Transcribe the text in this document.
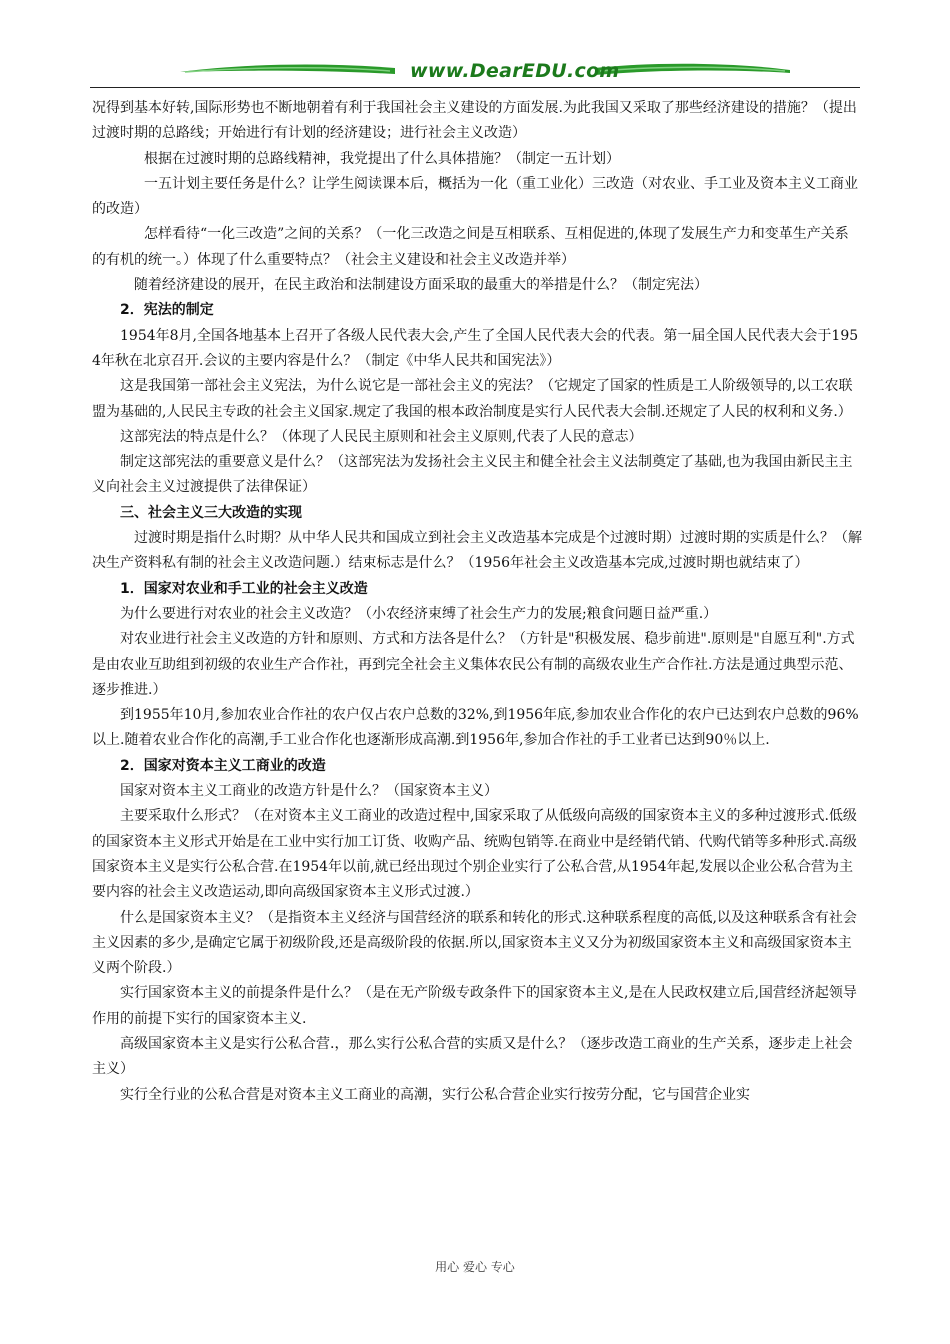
www.DearEDU.com

况得到基本好转,国际形势也不断地朝着有利于我国社会主义建设的方面发展.为此我国又采取了那些经济建设的措施？（提出过渡时期的总路线；开始进行有计划的经济建设；进行社会主义改造）

根据在过渡时期的总路线精神，我党提出了什么具体措施？（制定一五计划）

一五计划主要任务是什么？让学生阅读课本后，概括为一化（重工业化）三改造（对农业、手工业及资本主义工商业的改造）

怎样看待“一化三改造”之间的关系？（一化三改造之间是互相联系、互相促进的,体现了发展生产力和变革生产关系的有机的统一。）体现了什么重要特点？（社会主义建设和社会主义改造并举）

随着经济建设的展开，在民主政治和法制建设方面采取的最重大的举措是什么？（制定宪法）

2．宪法的制定

1954年8月,全国各地基本上召开了各级人民代表大会,产生了全国人民代表大会的代表。第一届全国人民代表大会于1954年秋在北京召开.会议的主要内容是什么？（制定《中华人民共和国宪法》）

这是我国第一部社会主义宪法，为什么说它是一部社会主义的宪法？（它规定了国家的性质是工人阶级领导的,以工农联盟为基础的,人民民主专政的社会主义国家.规定了我国的根本政治制度是实行人民代表大会制.还规定了人民的权利和义务.）

这部宪法的特点是什么？（体现了人民民主原则和社会主义原则,代表了人民的意志）

制定这部宪法的重要意义是什么？（这部宪法为发扬社会主义民主和健全社会主义法制奠定了基础,也为我国由新民主主义向社会主义过渡提供了法律保证）

三、社会主义三大改造的实现

过渡时期是指什么时期？从中华人民共和国成立到社会主义改造基本完成是个过渡时期）过渡时期的实质是什么？（解决生产资料私有制的社会主义改造问题.）结束标志是什么？（1956年社会主义改造基本完成,过渡时期也就结束了）

1．国家对农业和手工业的社会主义改造

为什么要进行对农业的社会主义改造？（小农经济束缚了社会生产力的发展;粮食问题日益严重.）

对农业进行社会主义改造的方针和原则、方式和方法各是什么？（方针是"积极发展、稳步前进".原则是"自愿互利".方式是由农业互助组到初级的农业生产合作社，再到完全社会主义集体农民公有制的高级农业生产合作社.方法是通过典型示范、逐步推进.）

到1955年10月,参加农业合作社的农户仅占农户总数的32%,到1956年底,参加农业合作化的农户已达到农户总数的96%以上.随着农业合作化的高潮,手工业合作化也逐渐形成高潮.到1956年,参加合作社的手工业者已达到90％以上.

2．国家对资本主义工商业的改造

国家对资本主义工商业的改造方针是什么？（国家资本主义）

主要采取什么形式？（在对资本主义工商业的改造过程中,国家采取了从低级向高级的国家资本主义的多种过渡形式.低级的国家资本主义形式开始是在工业中实行加工订货、收购产品、统购包销等.在商业中是经销代销、代购代销等多种形式.高级国家资本主义是实行公私合营.在1954年以前,就已经出现过个别企业实行了公私合营,从1954年起,发展以企业公私合营为主要内容的社会主义改造运动,即向高级国家资本主义形式过渡.）

什么是国家资本主义？（是指资本主义经济与国营经济的联系和转化的形式.这种联系程度的高低,以及这种联系含有社会主义因素的多少,是确定它属于初级阶段,还是高级阶段的依据.所以,国家资本主义又分为初级国家资本主义和高级国家资本主义两个阶段.）

实行国家资本主义的前提条件是什么？（是在无产阶级专政条件下的国家资本主义,是在人民政权建立后,国营经济起领导作用的前提下实行的国家资本主义.

高级国家资本主义是实行公私合营.，那么实行公私合营的实质又是什么？（逐步改造工商业的生产关系，逐步走上社会主义）

实行全行业的公私合营是对资本主义工商业的高潮，实行公私合营企业实行按劳分配，它与国营企业实

用心 爱心 专心
